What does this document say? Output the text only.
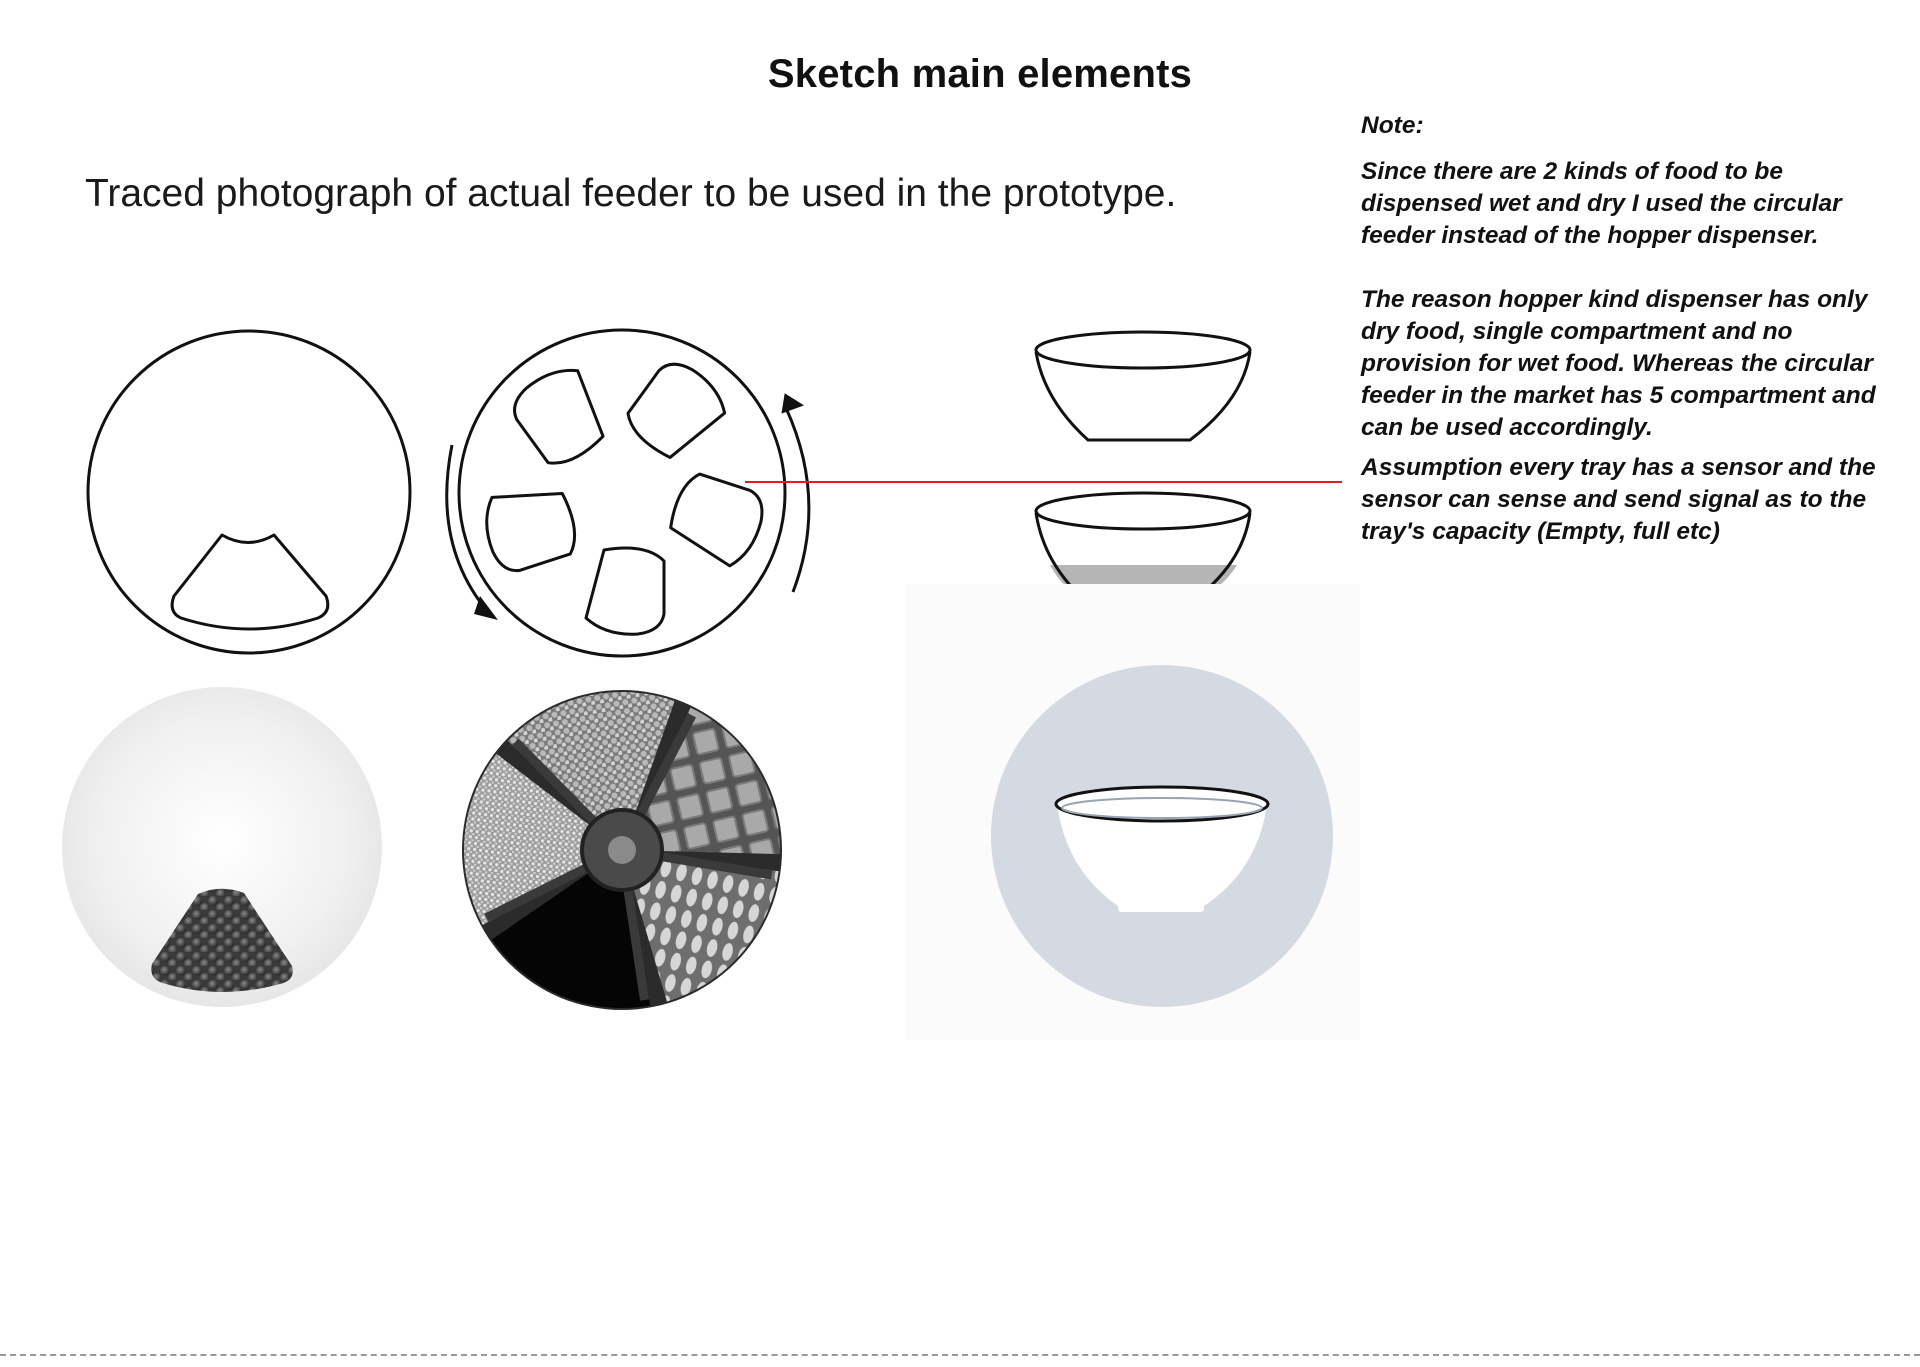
Sketch main elements
Traced photograph of actual feeder to be used in the prototype.

Note:

Since there are 2 kinds of food to be dispensed wet and dry I used the circular feeder instead of the hopper dispenser.

The reason hopper kind dispenser has only dry food, single compartment and no provision for wet food. Whereas the circular feeder in the market has 5 compartment and can be used accordingly.

Assumption every tray has a sensor and the sensor can sense and send signal as to the tray's capacity (Empty, full etc)
